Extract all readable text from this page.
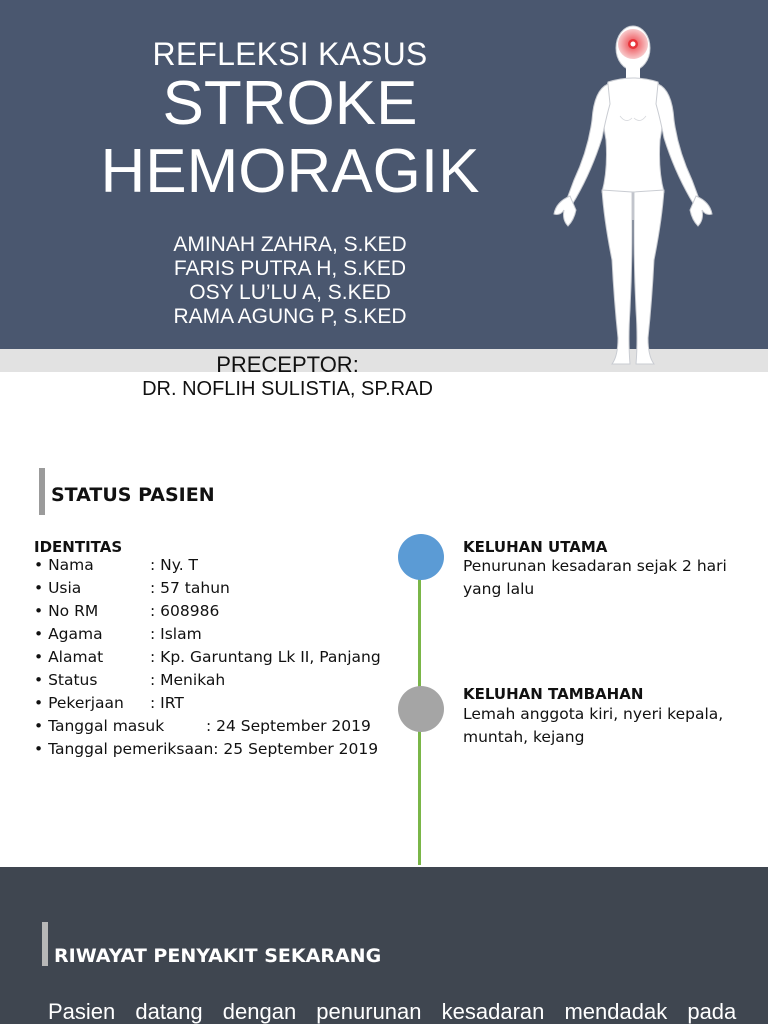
REFLEKSI KASUS
STROKE
HEMORAGIK
AMINAH ZAHRA, S.KED
FARIS PUTRA H, S.KED
OSY LU’LU A, S.KED
RAMA AGUNG P, S.KED
PRECEPTOR:
DR. NOFLIH SULISTIA, SP.RAD
STATUS PASIEN
IDENTITAS
• Nama	: Ny. T
• Usia	: 57 tahun
• No RM	: 608986
• Agama	: Islam
• Alamat	: Kp. Garuntang Lk II, Panjang
• Status	: Menikah
• Pekerjaan : IRT
• Tanggal masuk	: 24 September 2019
• Tanggal pemeriksaan: 25 September 2019
KELUHAN UTAMA
Penurunan kesadaran sejak 2 hari yang lalu
KELUHAN TAMBAHAN
Lemah anggota kiri, nyeri kepala, muntah, kejang
RIWAYAT PENYAKIT SEKARANG
Pasien datang dengan penurunan kesadaran mendadak pada
